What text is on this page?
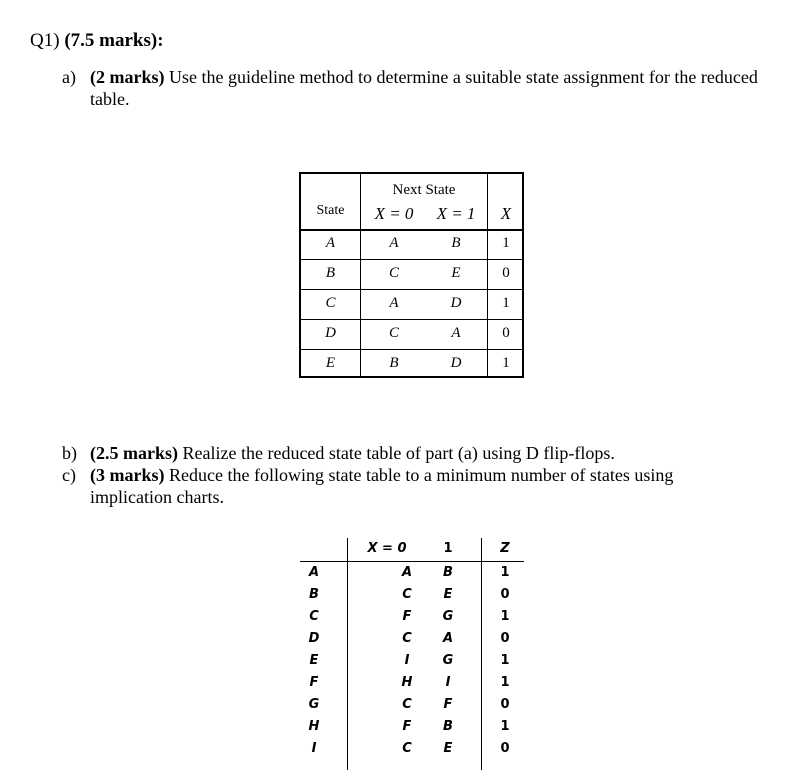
Q1) (7.5 marks):
a) (2 marks) Use the guideline method to determine a suitable state assignment for the reduced table.
Next State
State	X = 0	X = 1	X
A	A	B	1
B	C	E	0
C	A	D	1
D	C	A	0
E	B	D	1
b) (2.5 marks) Realize the reduced state table of part (a) using D flip-flops.
c) (3 marks) Reduce the following state table to a minimum number of states using implication charts.
X = 0	1	Z
A	A	B	1
B	C	E	0
C	F	G	1
D	C	A	0
E	I	G	1
F	H	I	1
G	C	F	0
H	F	B	1
I	C	E	0
